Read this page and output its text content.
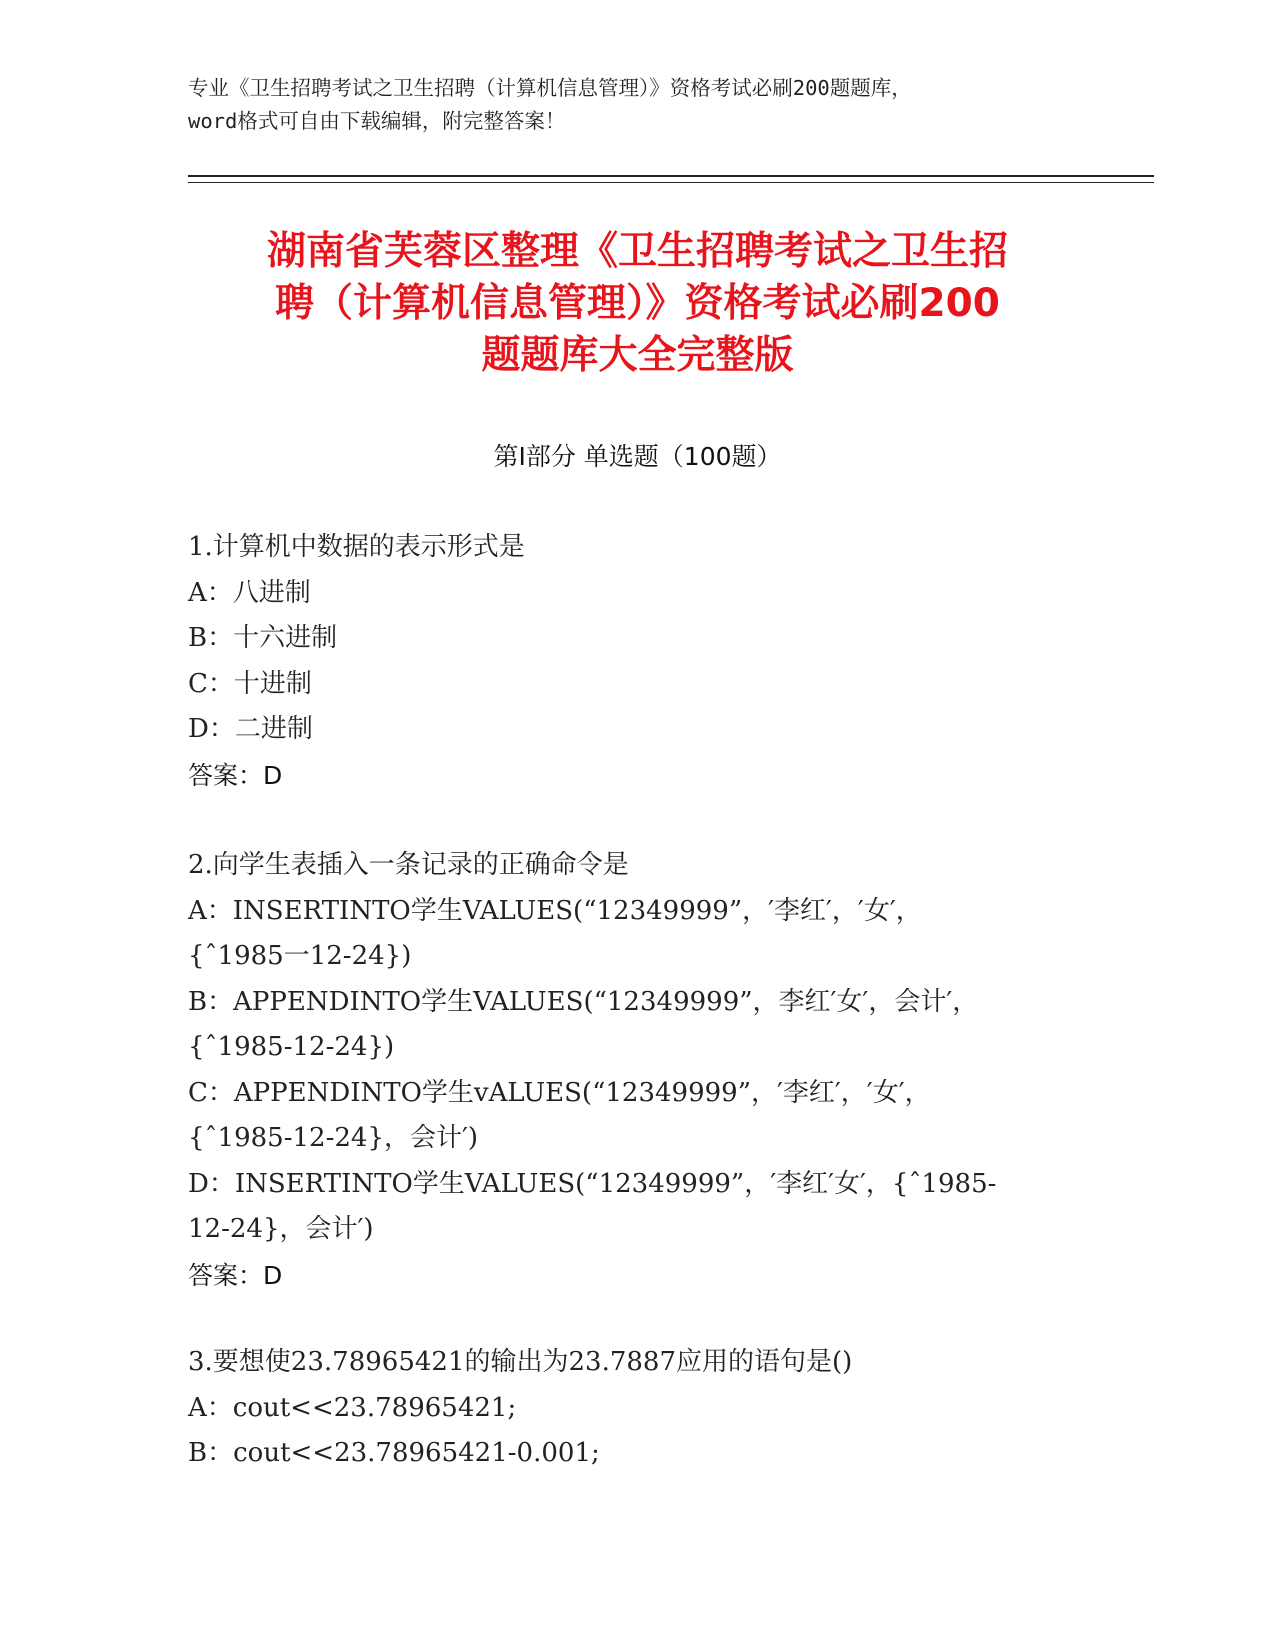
专业《卫生招聘考试之卫生招聘（计算机信息管理）》资格考试必刷200题题库，
word格式可自由下载编辑，附完整答案！
湖南省芙蓉区整理《卫生招聘考试之卫生招
聘（计算机信息管理）》资格考试必刷200
题题库大全完整版
第Ⅰ部分 单选题（100题）
1.计算机中数据的表示形式是
A：八进制
B：十六进制
C：十进制
D：二进制
答案：D
2.向学生表插入一条记录的正确命令是
A：INSERTINTO学生VALUES(“12349999”，′李红′，′女′，
{ˆ1985一12-24})
B：APPENDINTO学生VALUES(“12349999”，李红′女′，会计′，
{ˆ1985-12-24})
C：APPENDINTO学生vALUES(“12349999”，′李红′，′女′，
{ˆ1985-12-24}，会计′)
D：INSERTINTO学生VALUES(“12349999”，′李红′女′，{ˆ1985-
12-24}，会计′)
答案：D
3.要想使23.78965421的输出为23.7887应用的语句是()
A：cout<<23.78965421;
B：cout<<23.78965421-0.001;
